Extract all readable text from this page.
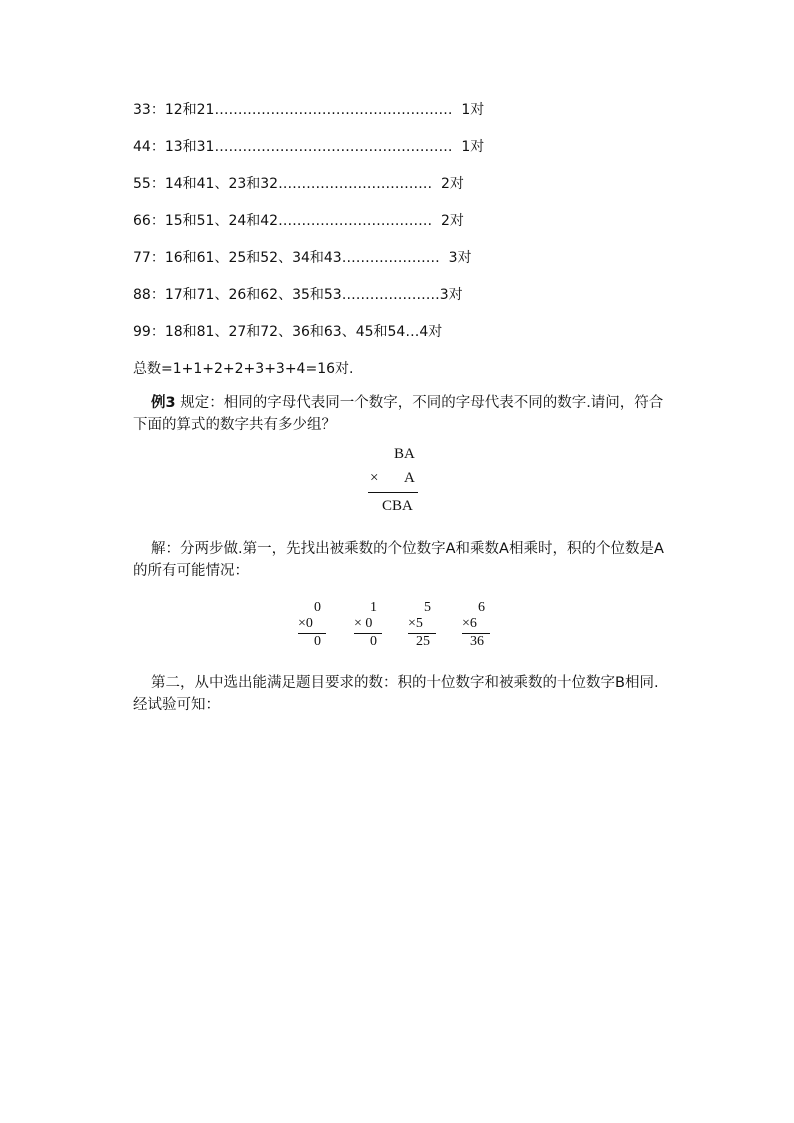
33：12和21……………………………………………  1对
44：13和31……………………………………………  1对
55：14和41、23和32……………………………  2对
66：15和51、24和42……………………………  2对
77：16和61、25和52、34和43…………………  3对
88：17和71、26和62、35和53…………………3对
99：18和81、27和72、36和63、45和54…4对
总数=1+1+2+2+3+3+4=16对.
例3 规定：相同的字母代表同一个数字，不同的字母代表不同的数字.请问，符合下面的算式的数字共有多少组？
BA
× A
CBA
解：分两步做.第一，先找出被乘数的个位数字A和乘数A相乘时，积的个位数是A的所有可能情况：
0
×0
0
1
× 0
0
5
×5
25
6
×6
36
第二，从中选出能满足题目要求的数：积的十位数字和被乘数的十位数字B相同.经试验可知：
